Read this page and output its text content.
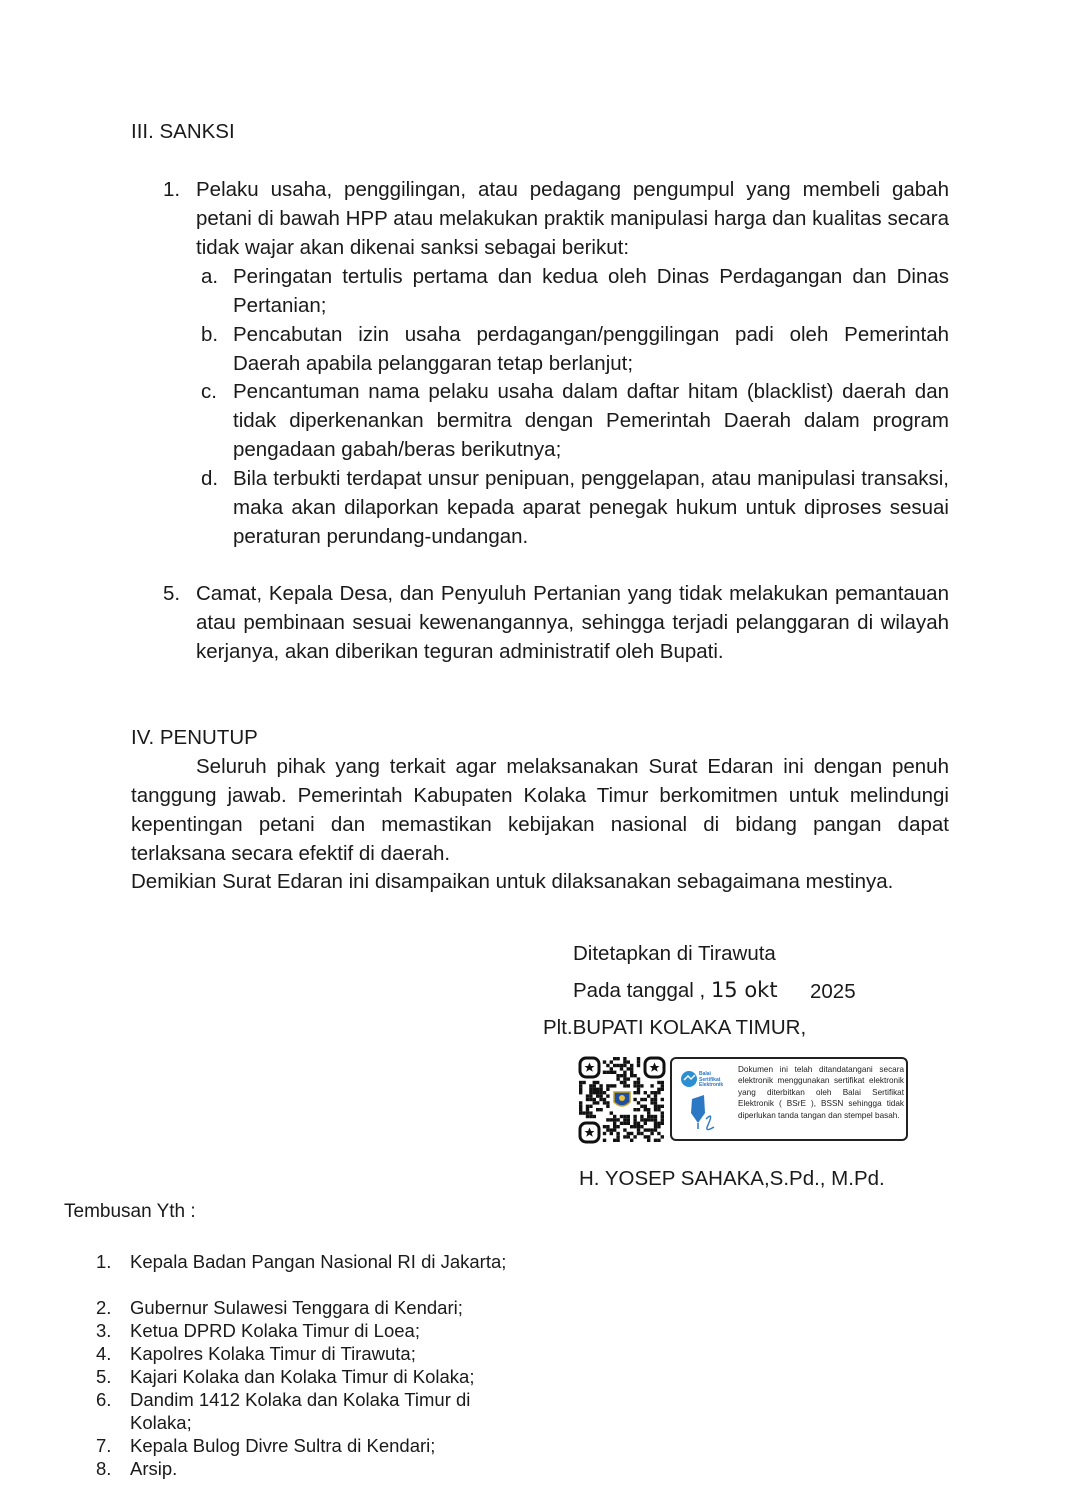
III. SANKSI
1. Pelaku usaha, penggilingan, atau pedagang pengumpul yang membeli gabah petani di bawah HPP atau melakukan praktik manipulasi harga dan kualitas secara tidak wajar akan dikenai sanksi sebagai berikut:
a. Peringatan tertulis pertama dan kedua oleh Dinas Perdagangan dan Dinas Pertanian;
b. Pencabutan izin usaha perdagangan/penggilingan padi oleh Pemerintah Daerah apabila pelanggaran tetap berlanjut;
c. Pencantuman nama pelaku usaha dalam daftar hitam (blacklist) daerah dan tidak diperkenankan bermitra dengan Pemerintah Daerah dalam program pengadaan gabah/beras berikutnya;
d. Bila terbukti terdapat unsur penipuan, penggelapan, atau manipulasi transaksi, maka akan dilaporkan kepada aparat penegak hukum untuk diproses sesuai peraturan perundang-undangan.
5. Camat, Kepala Desa, dan Penyuluh Pertanian yang tidak melakukan pemantauan atau pembinaan sesuai kewenangannya, sehingga terjadi pelanggaran di wilayah kerjanya, akan diberikan teguran administratif oleh Bupati.
IV. PENUTUP
Seluruh pihak yang terkait agar melaksanakan Surat Edaran ini dengan penuh tanggung jawab. Pemerintah Kabupaten Kolaka Timur berkomitmen untuk melindungi kepentingan petani dan memastikan kebijakan nasional di bidang pangan dapat terlaksana secara efektif di daerah.
Demikian Surat Edaran ini disampaikan untuk dilaksanakan sebagaimana mestinya.
Ditetapkan di Tirawuta
Pada tanggal , 15 okt 2025
Plt.BUPATI KOLAKA TIMUR,
Balai Sertifikat Elektronik
Dokumen ini telah ditandatangani secara elektronik menggunakan sertifikat elektronik yang diterbitkan oleh Balai Sertifikat Elektronik ( BSrE ), BSSN sehingga tidak diperlukan tanda tangan dan stempel basah.
H. YOSEP SAHAKA,S.Pd., M.Pd.
Tembusan Yth :
1. Kepala Badan Pangan Nasional RI di Jakarta;
2. Gubernur Sulawesi Tenggara di Kendari;
3. Ketua DPRD Kolaka Timur di Loea;
4. Kapolres Kolaka Timur di Tirawuta;
5. Kajari Kolaka dan Kolaka Timur di Kolaka;
6. Dandim 1412 Kolaka dan Kolaka Timur di Kolaka;
7. Kepala Bulog Divre Sultra di Kendari;
8. Arsip.
